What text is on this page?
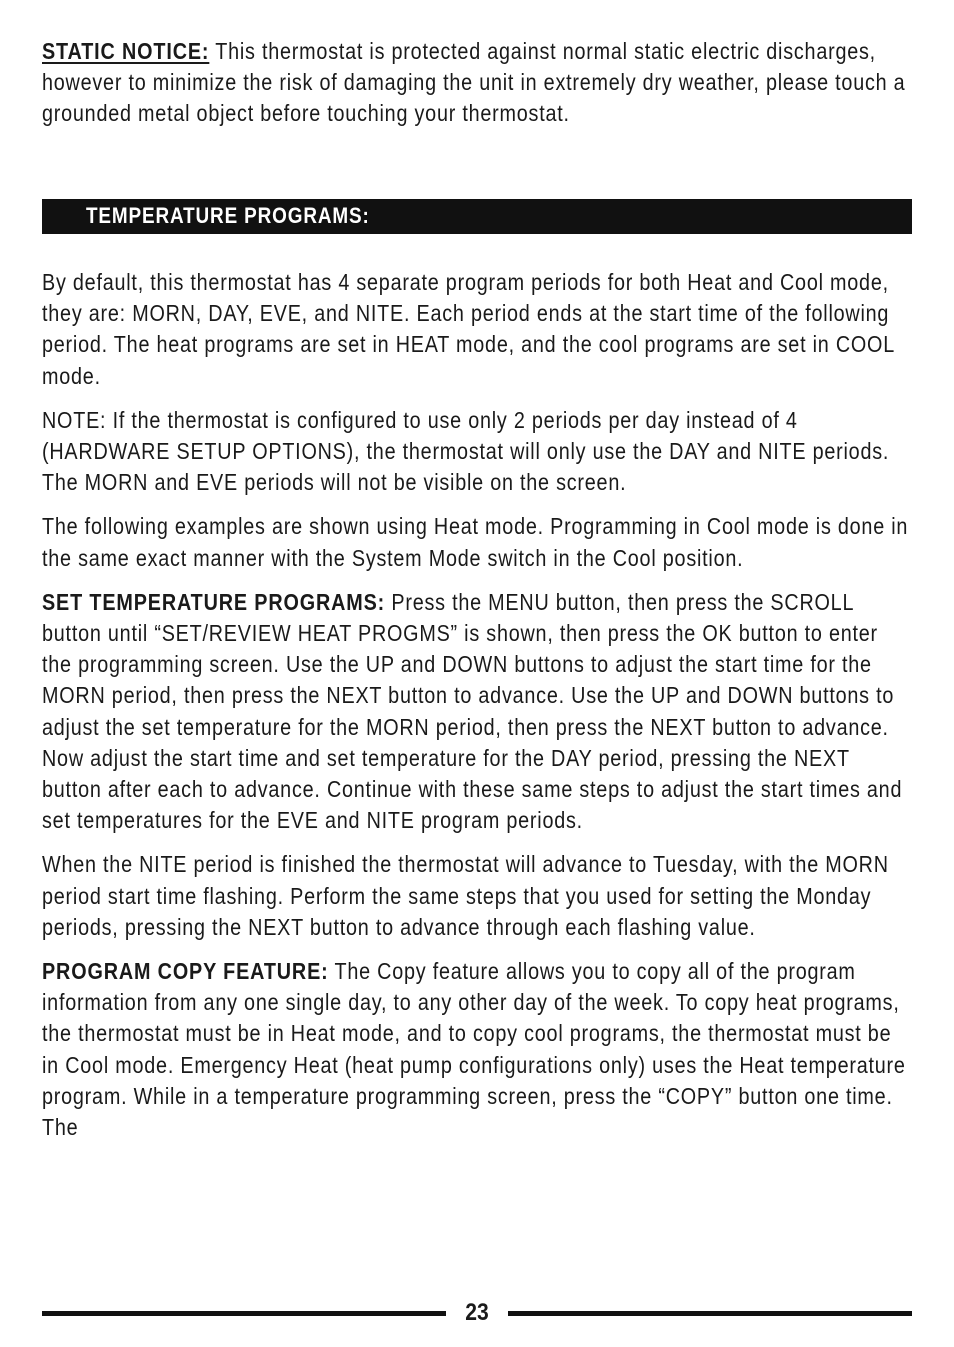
STATIC NOTICE: This thermostat is protected against normal static electric discharges, however to minimize the risk of damaging the unit in extremely dry weather, please touch a grounded metal object before touching your thermostat.

TEMPERATURE PROGRAMS:

By default, this thermostat has 4 separate program periods for both Heat and Cool mode, they are: MORN, DAY, EVE, and NITE. Each period ends at the start time of the following period. The heat programs are set in HEAT mode, and the cool programs are set in COOL mode.

NOTE: If the thermostat is configured to use only 2 periods per day instead of 4 (HARDWARE SETUP OPTIONS), the thermostat will only use the DAY and NITE periods. The MORN and EVE periods will not be visible on the screen.

The following examples are shown using Heat mode. Programming in Cool mode is done in the same exact manner with the System Mode switch in the Cool position.

SET TEMPERATURE PROGRAMS: Press the MENU button, then press the SCROLL button until “SET/REVIEW HEAT PROGMS” is shown, then press the OK button to enter the programming screen. Use the UP and DOWN buttons to adjust the start time for the MORN period, then press the NEXT button to advance. Use the UP and DOWN buttons to adjust the set temperature for the MORN period, then press the NEXT button to advance. Now adjust the start time and set temperature for the DAY period, pressing the NEXT button after each to advance. Continue with these same steps to adjust the start times and set temperatures for the EVE and NITE program periods.

When the NITE period is finished the thermostat will advance to Tuesday, with the MORN period start time flashing. Perform the same steps that you used for setting the Monday periods, pressing the NEXT button to advance through each flashing value.

PROGRAM COPY FEATURE: The Copy feature allows you to copy all of the program information from any one single day, to any other day of the week. To copy heat programs, the thermostat must be in Heat mode, and to copy cool programs, the thermostat must be in Cool mode. Emergency Heat (heat pump configurations only) uses the Heat temperature program. While in a temperature programming screen, press the “COPY” button one time. The

23
